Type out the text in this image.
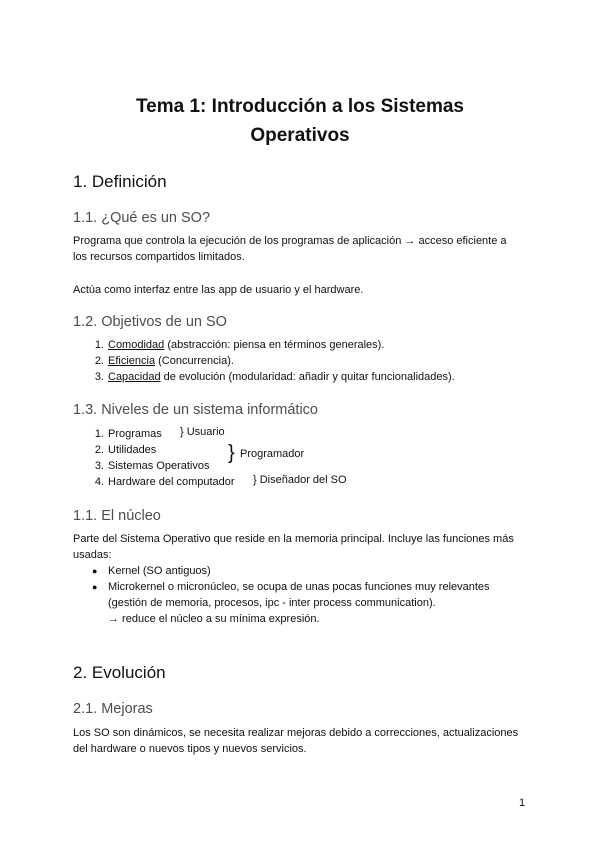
Tema 1: Introducción a los Sistemas
Operativos
1. Definición
1.1. ¿Qué es un SO?
Programa que controla la ejecución de los programas de aplicación → acceso eficiente a
los recursos compartidos limitados.
Actúa como interfaz entre las app de usuario y el hardware.
1.2. Objetivos de un SO
1. Comodidad (abstracción: piensa en términos generales).
2. Eficiencia (Concurrencia).
3. Capacidad de evolución (modularidad: añadir y quitar funcionalidades).
1.3. Niveles de un sistema informático
1. Programas
2. Utilidades
3. Sistemas Operativos
4. Hardware del computador
} Usuario
} Programador
} Diseñador del SO
1.1. El núcleo
Parte del Sistema Operativo que reside en la memoria principal. Incluye las funciones más
usadas:
● Kernel (SO antiguos)
● Microkernel o micronúcleo, se ocupa de unas pocas funciones muy relevantes
(gestión de memoria, procesos, ipc - inter process communication).
→ reduce el núcleo a su mínima expresión.
2. Evolución
2.1. Mejoras
Los SO son dinámicos, se necesita realizar mejoras debido a correcciones, actualizaciones
del hardware o nuevos tipos y nuevos servicios.
1
